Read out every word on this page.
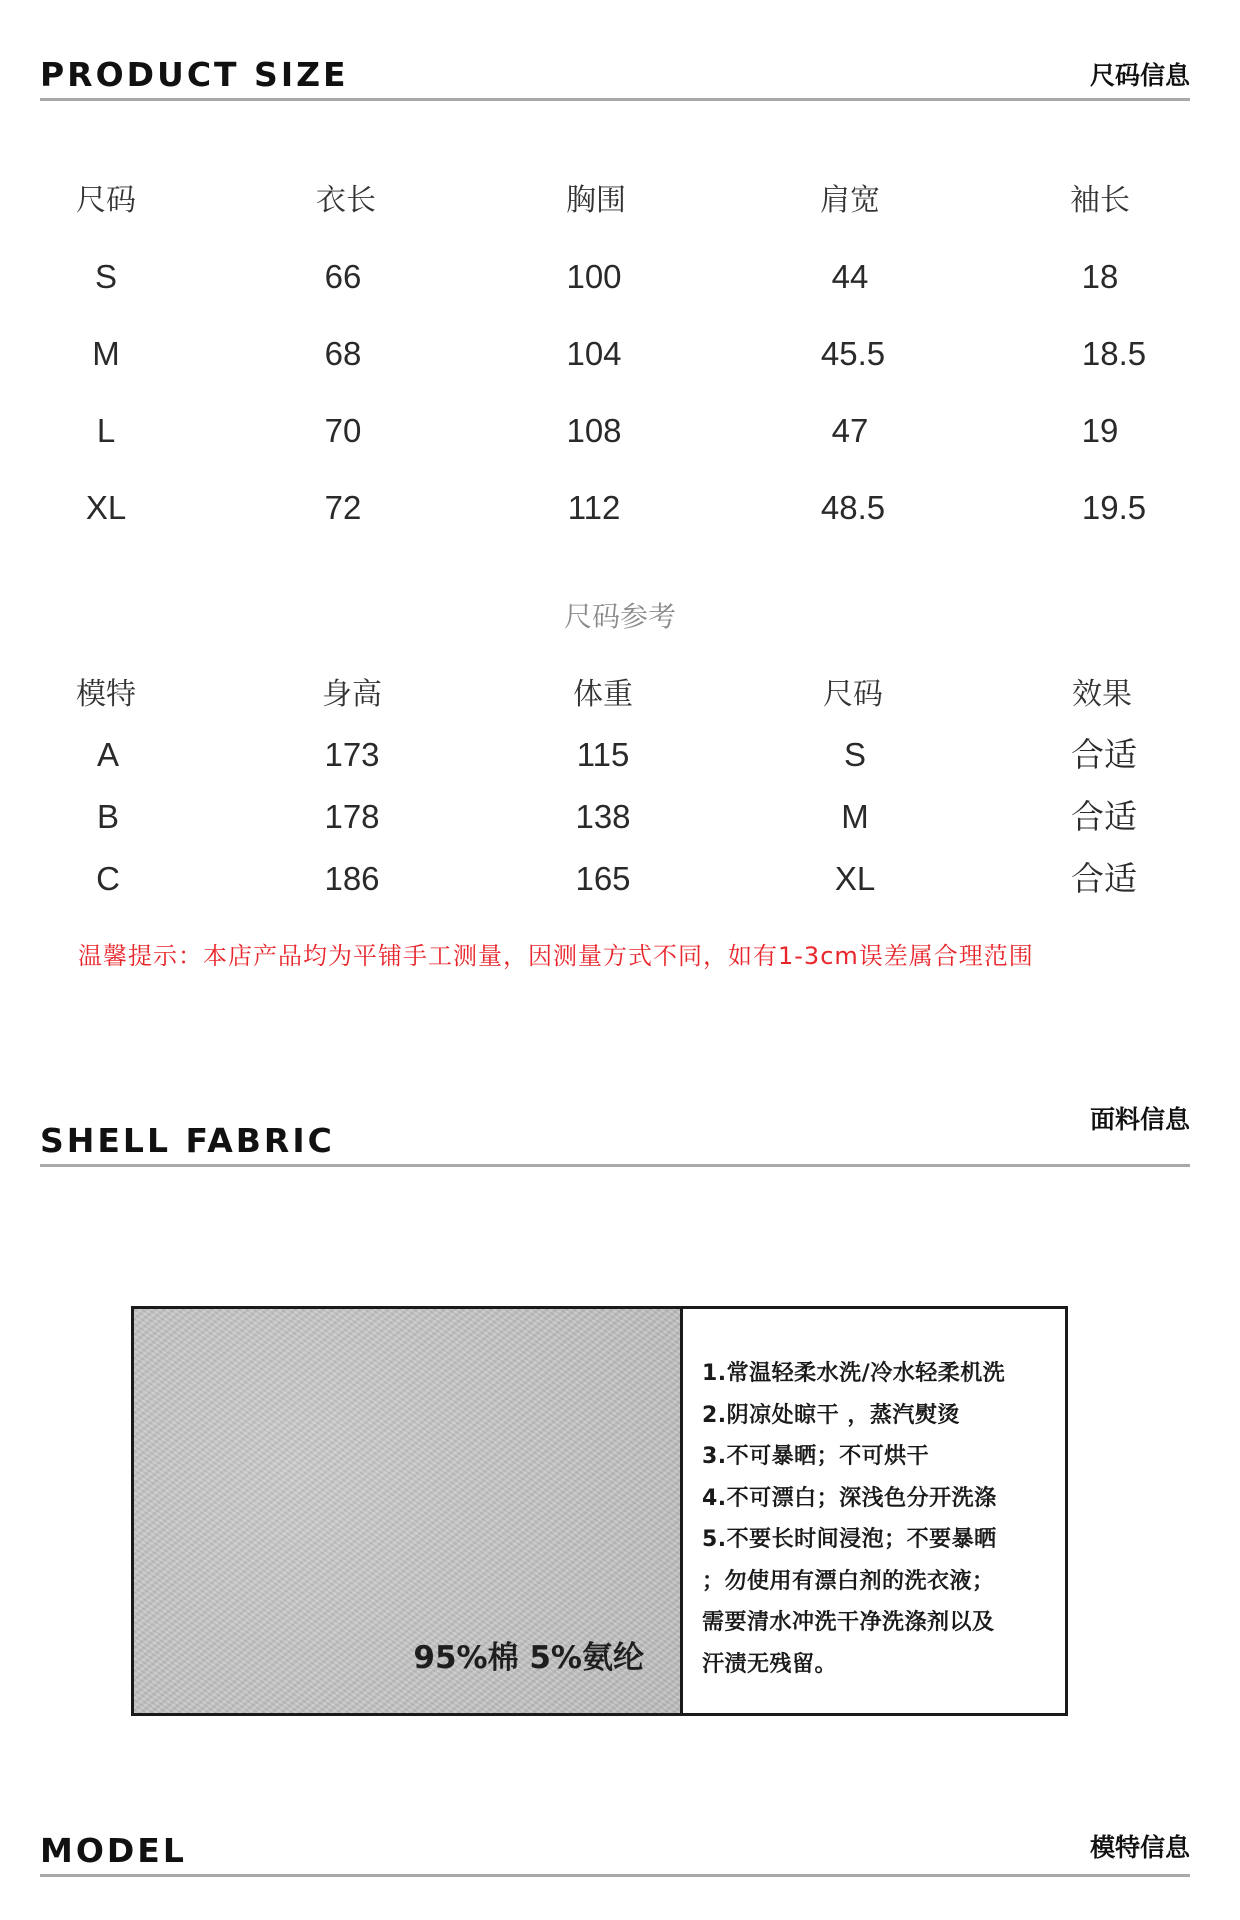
PRODUCT SIZE	尺码信息
尺码	衣长	胸围	肩宽	袖长
S	66	100	44	18
M	68	104	45.5	18.5
L	70	108	47	19
XL	72	112	48.5	19.5
尺码参考
模特	身高	体重	尺码	效果
A	173	115	S	合适
B	178	138	M	合适
C	186	165	XL	合适
温馨提示：本店产品均为平铺手工测量，因测量方式不同，如有1-3cm误差属合理范围
SHELL FABRIC
面料信息
95%棉 5%氨纶
1.常温轻柔水洗/冷水轻柔机洗
2.阴凉处晾干 ，蒸汽熨烫
3.不可暴晒；不可烘干
4.不可漂白；深浅色分开洗涤
5.不要长时间浸泡；不要暴晒
；勿使用有漂白剂的洗衣液；
需要清水冲洗干净洗涤剂以及
汗渍无残留。
MODEL	模特信息
